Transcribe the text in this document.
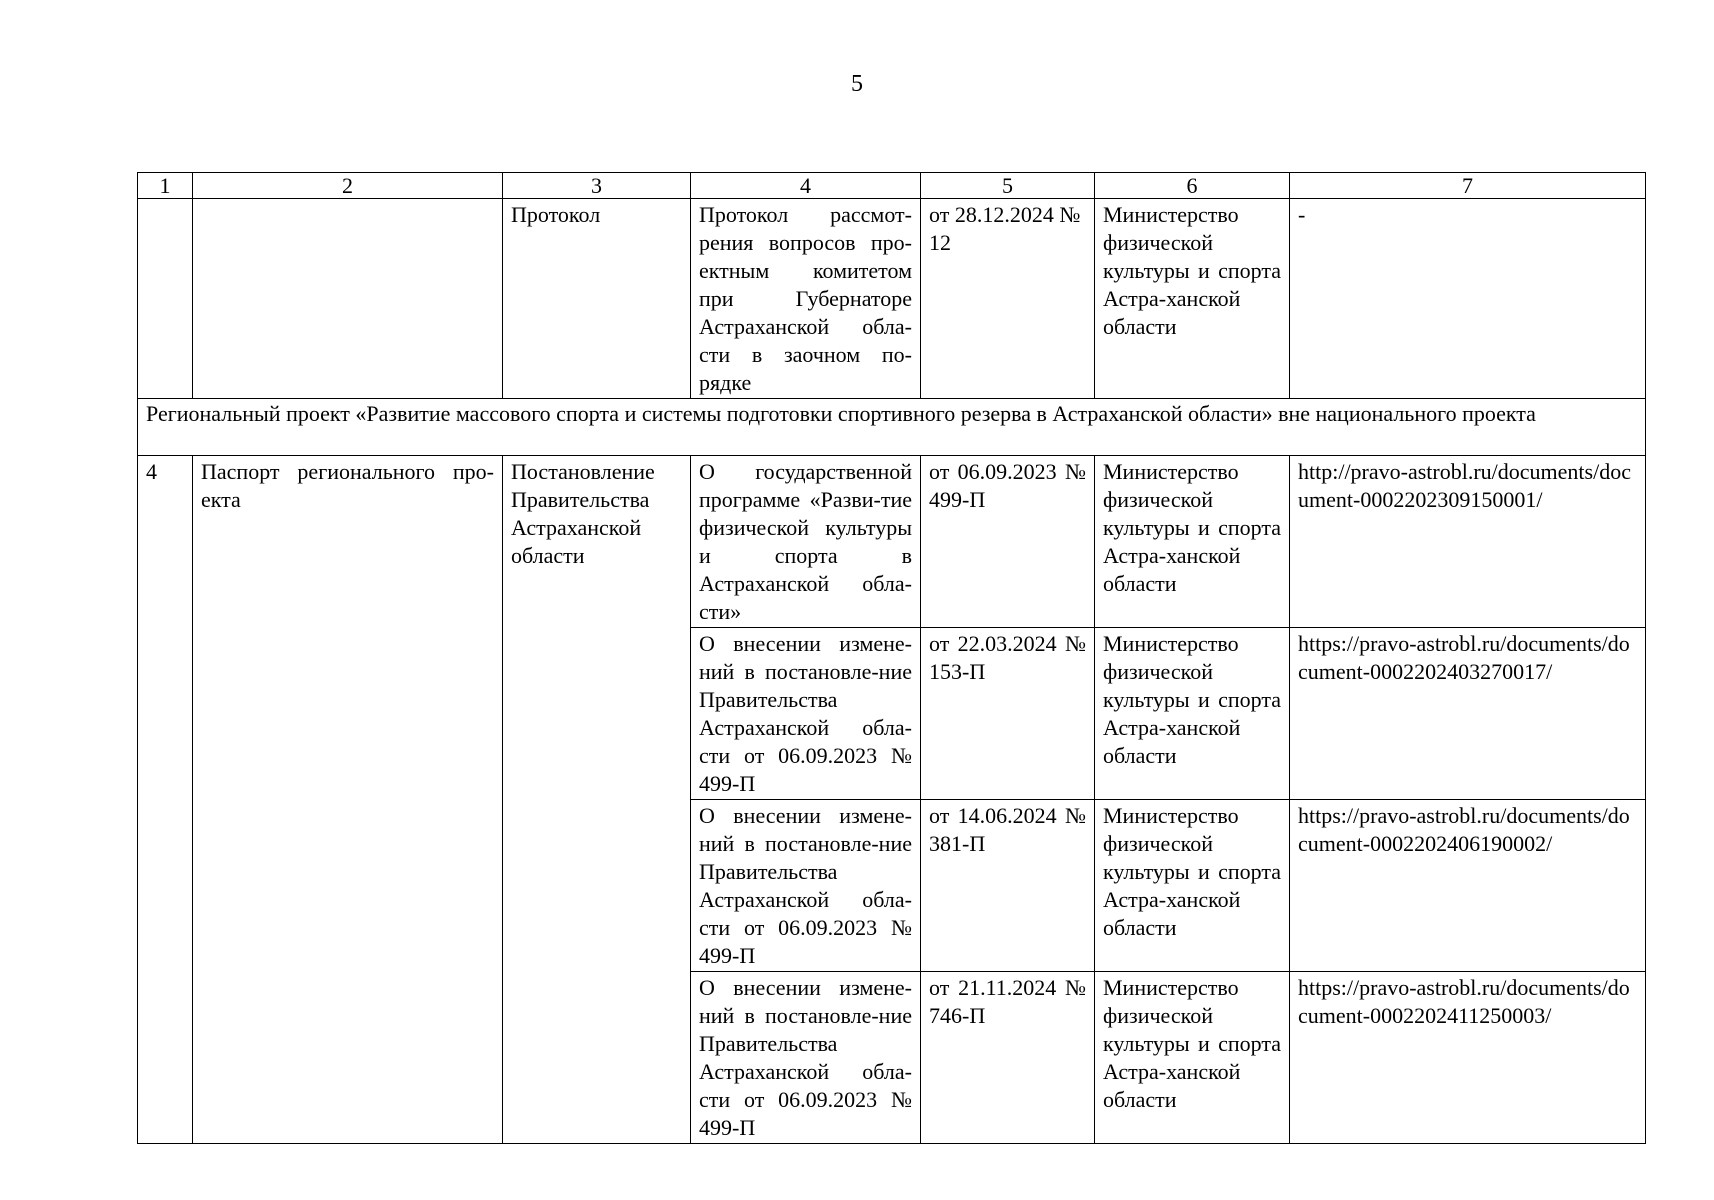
5
1	2	3	4	5	6	7
		Протокол	Протокол рассмот-рения вопросов про-ектным комитетом при Губернаторе Астраханской обла-сти в заочном по-рядке	от 28.12.2024 № 12	Министерство физической культуры и спорта Астра-ханской области	-
Региональный проект «Развитие массового спорта и системы подготовки спортивного резерва в Астраханской области» вне национального проекта						
4	Паспорт регионального про-екта	Постановление Правительства Астраханской области	О государственной программе «Разви-тие физической культуры и спорта в Астраханской обла-сти»	от 06.09.2023 № 499-П	Министерство физической культуры и спорта Астра-ханской области	http://pravo-astrobl.ru/documents/document-0002202309150001/
			О внесении измене-ний в постановле-ние Правительства Астраханской обла-сти от 06.09.2023 № 499-П	от 22.03.2024 № 153-П	Министерство физической культуры и спорта Астра-ханской области	https://pravo-astrobl.ru/documents/document-0002202403270017/
			О внесении измене-ний в постановле-ние Правительства Астраханской обла-сти от 06.09.2023 № 499-П	от 14.06.2024 № 381-П	Министерство физической культуры и спорта Астра-ханской области	https://pravo-astrobl.ru/documents/document-0002202406190002/
			О внесении измене-ний в постановле-ние Правительства Астраханской обла-сти от 06.09.2023 № 499-П	от 21.11.2024 № 746-П	Министерство физической культуры и спорта Астра-ханской области	https://pravo-astrobl.ru/documents/document-0002202411250003/
